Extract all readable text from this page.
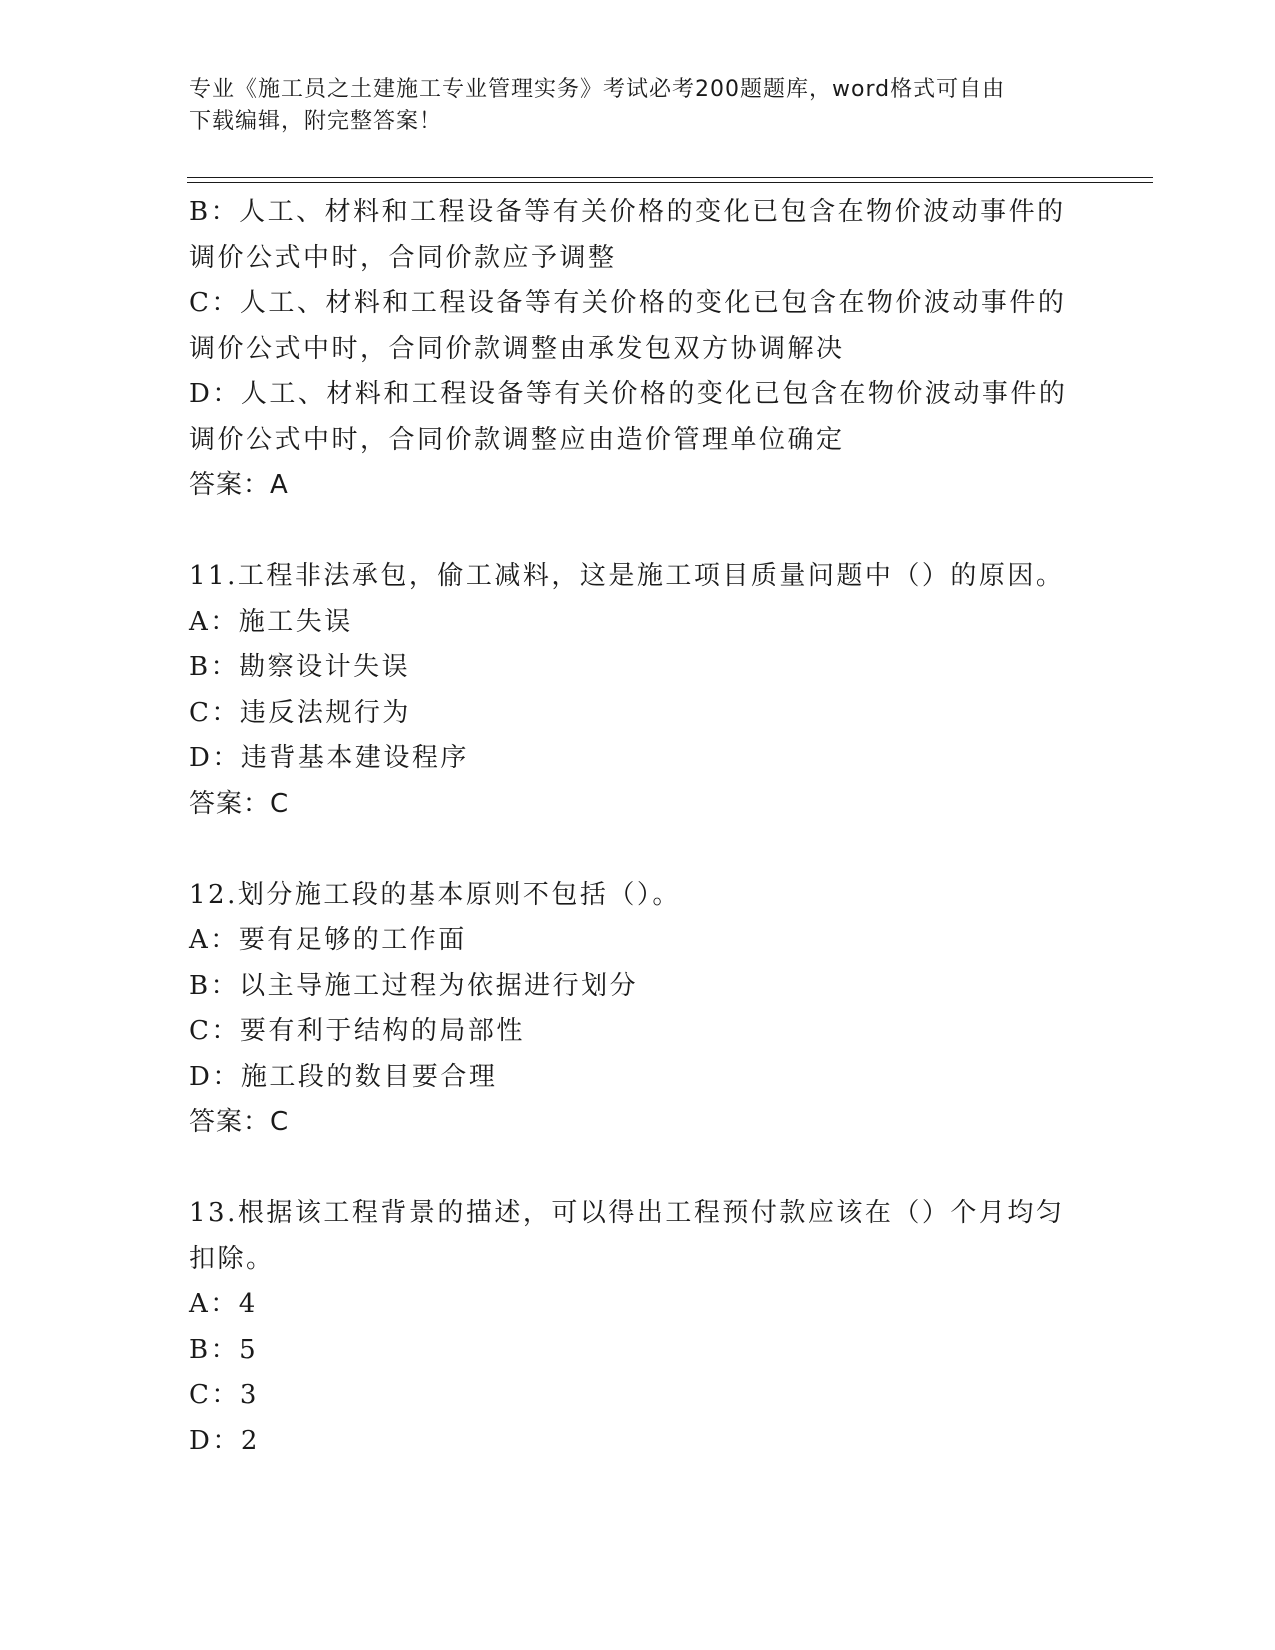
专业《施工员之土建施工专业管理实务》考试必考200题题库，word格式可自由
下载编辑，附完整答案！
B：人工、材料和工程设备等有关价格的变化已包含在物价波动事件的
调价公式中时，合同价款应予调整
C：人工、材料和工程设备等有关价格的变化已包含在物价波动事件的
调价公式中时，合同价款调整由承发包双方协调解决
D：人工、材料和工程设备等有关价格的变化已包含在物价波动事件的
调价公式中时，合同价款调整应由造价管理单位确定
答案：A
11.工程非法承包，偷工减料，这是施工项目质量问题中（）的原因。
A：施工失误
B：勘察设计失误
C：违反法规行为
D：违背基本建设程序
答案：C
12.划分施工段的基本原则不包括（）。
A：要有足够的工作面
B：以主导施工过程为依据进行划分
C：要有利于结构的局部性
D：施工段的数目要合理
答案：C
13.根据该工程背景的描述，可以得出工程预付款应该在（）个月均匀
扣除。
A：4
B：5
C：3
D：2
